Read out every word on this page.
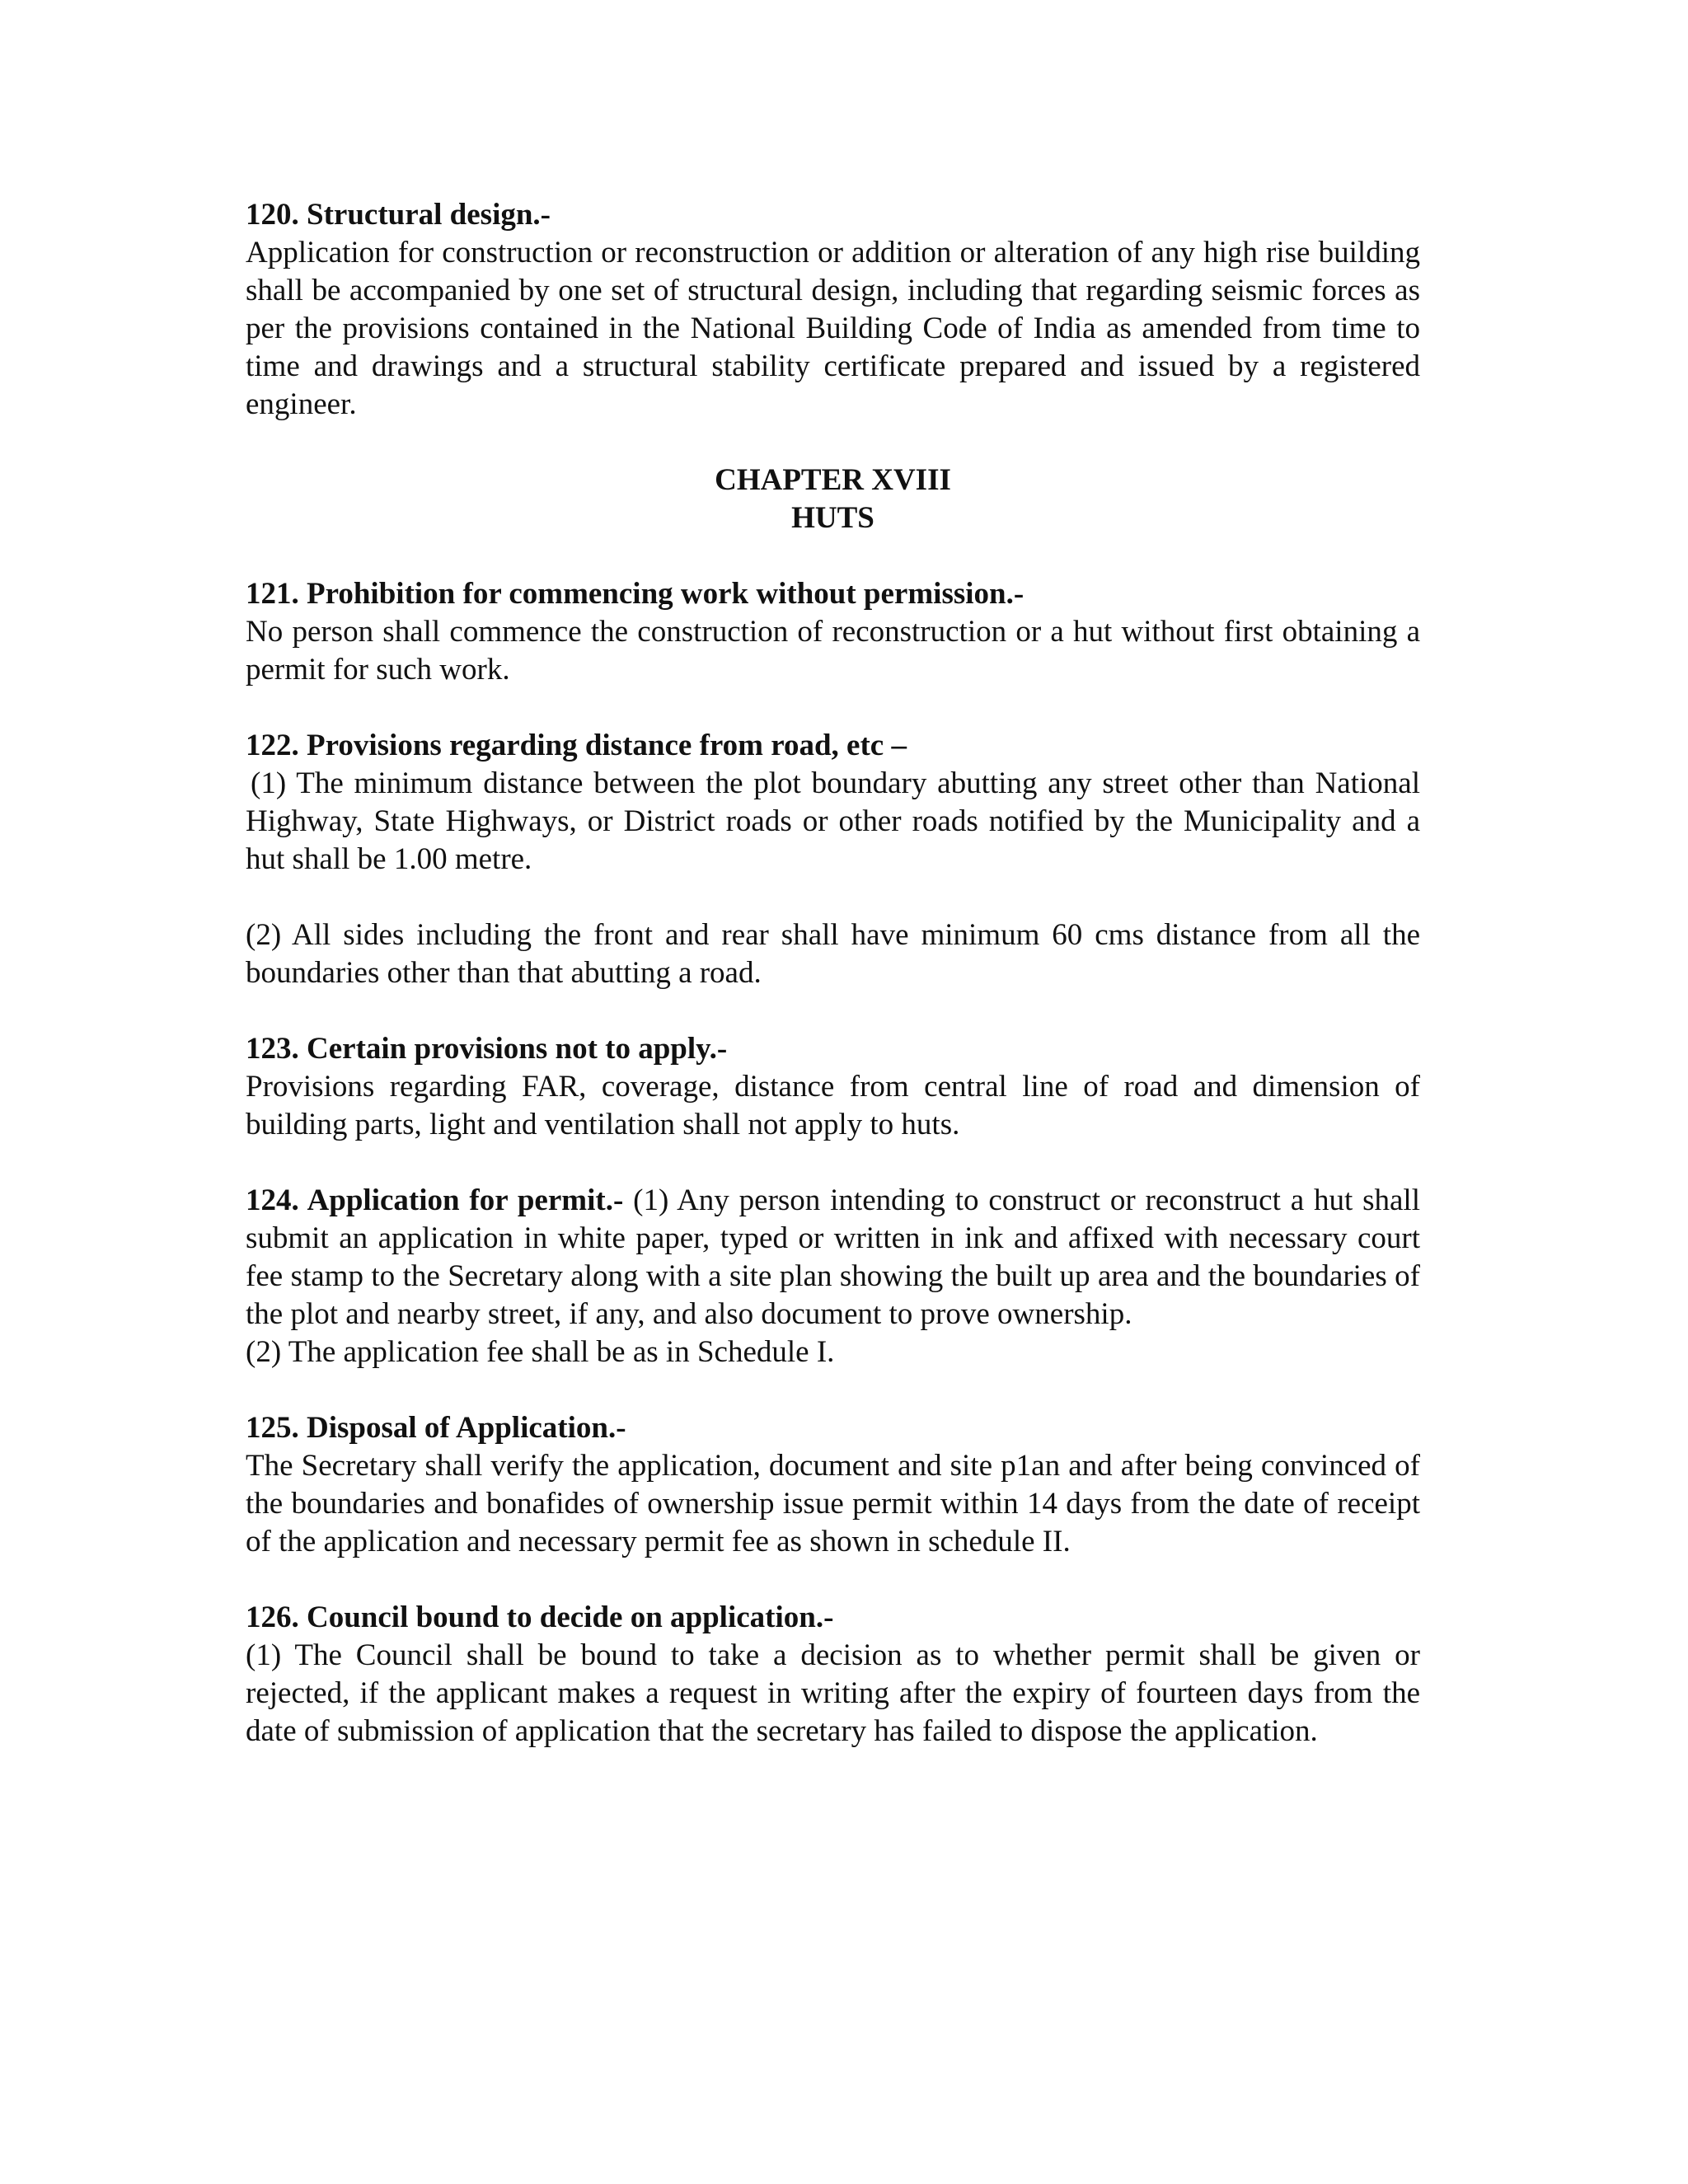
120. Structural design.-

Application for construction or reconstruction or addition or alteration of any high rise building shall be accompanied by one set of structural design, including that regarding seismic forces as per the provisions contained in the National Building Code of India as amended from time to time and drawings and a structural stability certificate prepared and issued by a registered engineer.

CHAPTER XVIII
HUTS

121. Prohibition for commencing work without permission.-

No person shall commence the construction of reconstruction or a hut without first obtaining a permit for such work.

122. Provisions regarding distance from road, etc –

(1) The minimum distance between the plot boundary abutting any street other than National Highway, State Highways, or District roads or other roads notified by the Municipality and a hut shall be 1.00 metre.

(2) All sides including the front and rear shall have minimum 60 cms distance from all the boundaries other than that abutting a road.

123. Certain provisions not to apply.-

Provisions regarding FAR, coverage, distance from central line of road and dimension of building parts, light and ventilation shall not apply to huts.

124. Application for permit.- (1) Any person intending to construct or reconstruct a hut shall submit an application in white paper, typed or written in ink and affixed with necessary court fee stamp to the Secretary along with a site plan showing the built up area and the boundaries of the plot and nearby street, if any, and also document to prove ownership.

(2) The application fee shall be as in Schedule I.

125. Disposal of Application.-

The Secretary shall verify the application, document and site p1an and after being convinced of the boundaries and bonafides of ownership issue permit within 14 days from the date of receipt of the application and necessary permit fee as shown in schedule II.

126. Council bound to decide on application.-

(1) The Council shall be bound to take a decision as to whether permit shall be given or rejected, if the applicant makes a request in writing after the expiry of fourteen days from the date of submission of application that the secretary has failed to dispose the application.
